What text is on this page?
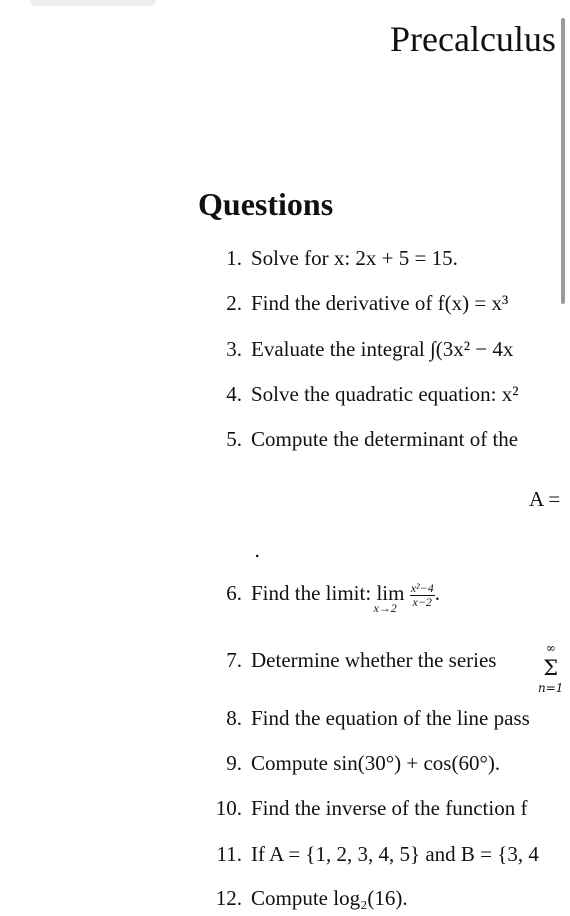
Precalculus
Questions
1. Solve for x: 2x + 5 = 15.
2. Find the derivative of f(x) = x³
3. Evaluate the integral ∫(3x² − 4x
4. Solve the quadratic equation: x²
5. Compute the determinant of the
A =
.
6. Find the limit: lim
x→2
$\frac{\text{x²−4}}{x-2}$ .
7. Determine whether the series	∞
Σ
n=1
8. Find the equation of the line pass
9. Compute sin(30°) + cos(60°).
10. Find the inverse of the function f
11. If A = {1, 2, 3, 4, 5} and B = {3, 4
12. Compute log₂(16).
